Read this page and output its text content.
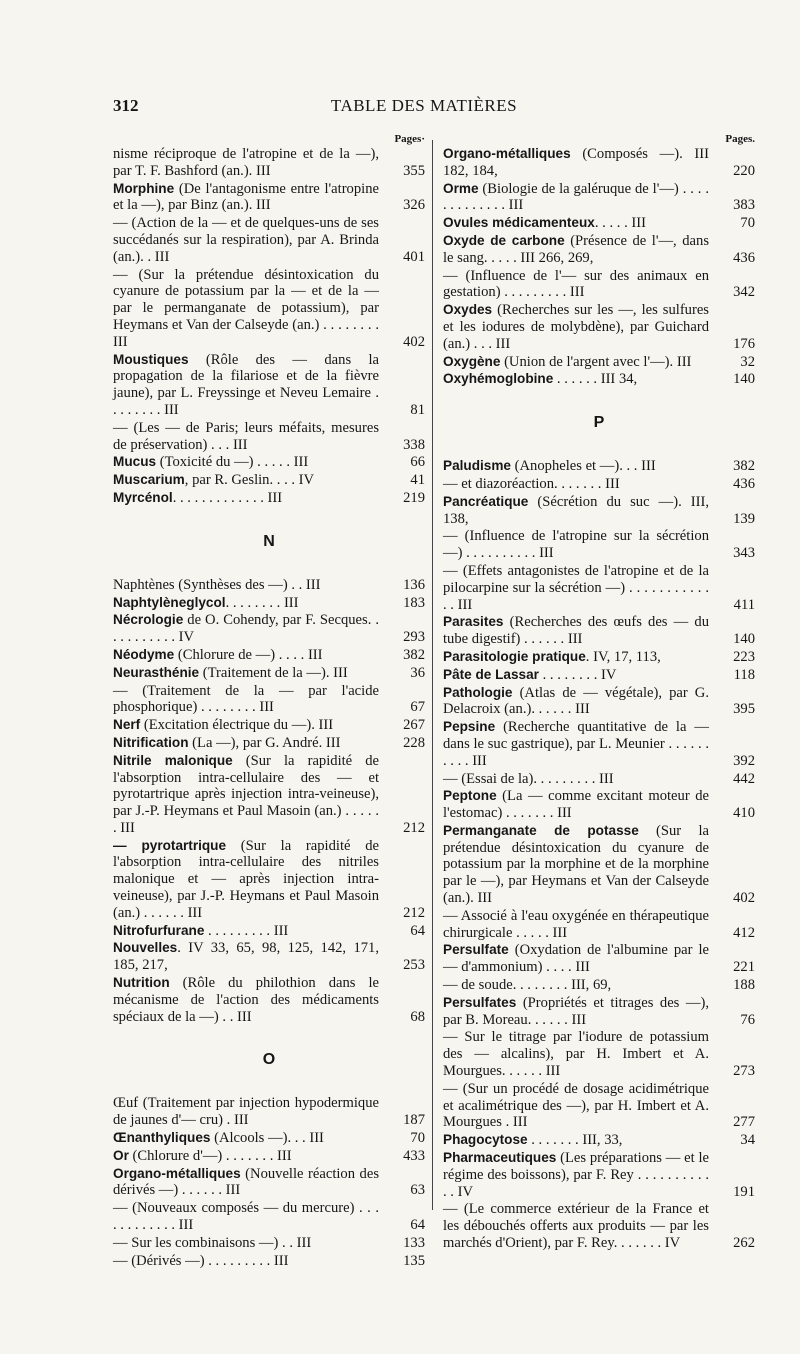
312	TABLE DES MATIÈRES
Pages·
nisme réciproque de l'atropine et de la —), par T. F. Bashford (an.). III	355
Morphine (De l'antagonisme entre l'atropine et la —), par Binz (an.). III	326
— (Action de la — et de quelques-uns de ses succédanés sur la respiration), par A. Brinda (an.). . III	401
— (Sur la prétendue désintoxication du cyanure de potassium par la — et de la — par le permanganate de potassium), par Heymans et Van der Calseyde (an.) . . . . . . . . III	402
Moustiques (Rôle des — dans la propagation de la filariose et de la fièvre jaune), par L. Freyssinge et Neveu Lemaire . . . . . . . . III	81
— (Les — de Paris; leurs méfaits, mesures de préservation) . . . III	338
Mucus (Toxicité du —) . . . . . III	66
Muscarium, par R. Geslin. . . . IV	41
Myrcénol. . . . . . . . . . . . . III	219
N
Naphtènes (Synthèses des —) . . III	136
Naphtylèneglycol. . . . . . . . III	183
Nécrologie de O. Cohendy, par F. Secques. . . . . . . . . . . IV	293
Néodyme (Chlorure de —) . . . . III	382
Neurasthénie (Traitement de la —). III	36
— (Traitement de la — par l'acide phosphorique) . . . . . . . . III	67
Nerf (Excitation électrique du —). III	267
Nitrification (La —), par G. André. III	228
Nitrile malonique (Sur la rapidité de l'absorption intra-cellulaire des — et pyrotartrique après injection intra-veineuse), par J.-P. Heymans et Paul Masoin (an.) . . . . . . III	212
— pyrotartrique (Sur la rapidité de l'absorption intra-cellulaire des nitriles malonique et — après injection intra-veineuse), par J.-P. Heymans et Paul Masoin (an.) . . . . . . III	212
Nitrofurfurane . . . . . . . . . III	64
Nouvelles. IV 33, 65, 98, 125, 142, 171, 185, 217,	253
Nutrition (Rôle du philothion dans le mécanisme de l'action des médicaments spéciaux de la —) . . III	68
O
Œuf (Traitement par injection hypodermique de jaunes d'— cru) . III	187
Œnanthyliques (Alcools —). . . III	70
Or (Chlorure d'—) . . . . . . . III	433
Organo-métalliques (Nouvelle réaction des dérivés —) . . . . . . III	63
— (Nouveaux composés — du mercure) . . . . . . . . . . . . III	64
— Sur les combinaisons —) . . III	133
— (Dérivés —) . . . . . . . . . III	135
Pages.
Organo-métalliques (Composés —). III 182, 184,	220
Orme (Biologie de la galéruque de l'—) . . . . . . . . . . . . . III	383
Ovules médicamenteux. . . . . III	70
Oxyde de carbone (Présence de l'—, dans le sang. . . . . III 266, 269,	436
— (Influence de l'— sur des animaux en gestation) . . . . . . . . . III	342
Oxydes (Recherches sur les —, les sulfures et les iodures de molybdène), par Guichard (an.) . . . III	176
Oxygène (Union de l'argent avec l'—). III	32
Oxyhémoglobine . . . . . . III 34,	140
P
Paludisme (Anopheles et —). . . III	382
— et diazoréaction. . . . . . . III	436
Pancréatique (Sécrétion du suc —). III, 138,	139
— (Influence de l'atropine sur la sécrétion —) . . . . . . . . . . III	343
— (Effets antagonistes de l'atropine et de la pilocarpine sur la sécrétion —) . . . . . . . . . . . . . III	411
Parasites (Recherches des œufs des — du tube digestif) . . . . . . III	140
Parasitologie pratique. IV, 17, 113,	223
Pâte de Lassar . . . . . . . . IV	118
Pathologie (Atlas de — végétale), par G. Delacroix (an.). . . . . . III	395
Pepsine (Recherche quantitative de la — dans le suc gastrique), par L. Meunier . . . . . . . . . . III	392
— (Essai de la). . . . . . . . . III	442
Peptone (La — comme excitant moteur de l'estomac) . . . . . . . III	410
Permanganate de potasse (Sur la prétendue désintoxication du cyanure de potassium par la morphine et de la morphine par le —), par Heymans et Van der Calseyde (an.). III	402
— Associé à l'eau oxygénée en thérapeutique chirurgicale . . . . . III	412
Persulfate (Oxydation de l'albumine par le — d'ammonium) . . . . III	221
— de soude. . . . . . . . III, 69,	188
Persulfates (Propriétés et titrages des —), par B. Moreau. . . . . . III	76
— Sur le titrage par l'iodure de potassium des — alcalins), par H. Imbert et A. Mourgues. . . . . . III	273
— (Sur un procédé de dosage acidimétrique et acalimétrique des —), par H. Imbert et A. Mourgues . III	277
Phagocytose . . . . . . . III, 33,	34
Pharmaceutiques (Les préparations — et le régime des boissons), par F. Rey . . . . . . . . . . . . IV	191
— (Le commerce extérieur de la France et les débouchés offerts aux produits — par les marchés d'Orient), par F. Rey. . . . . . . IV	262
